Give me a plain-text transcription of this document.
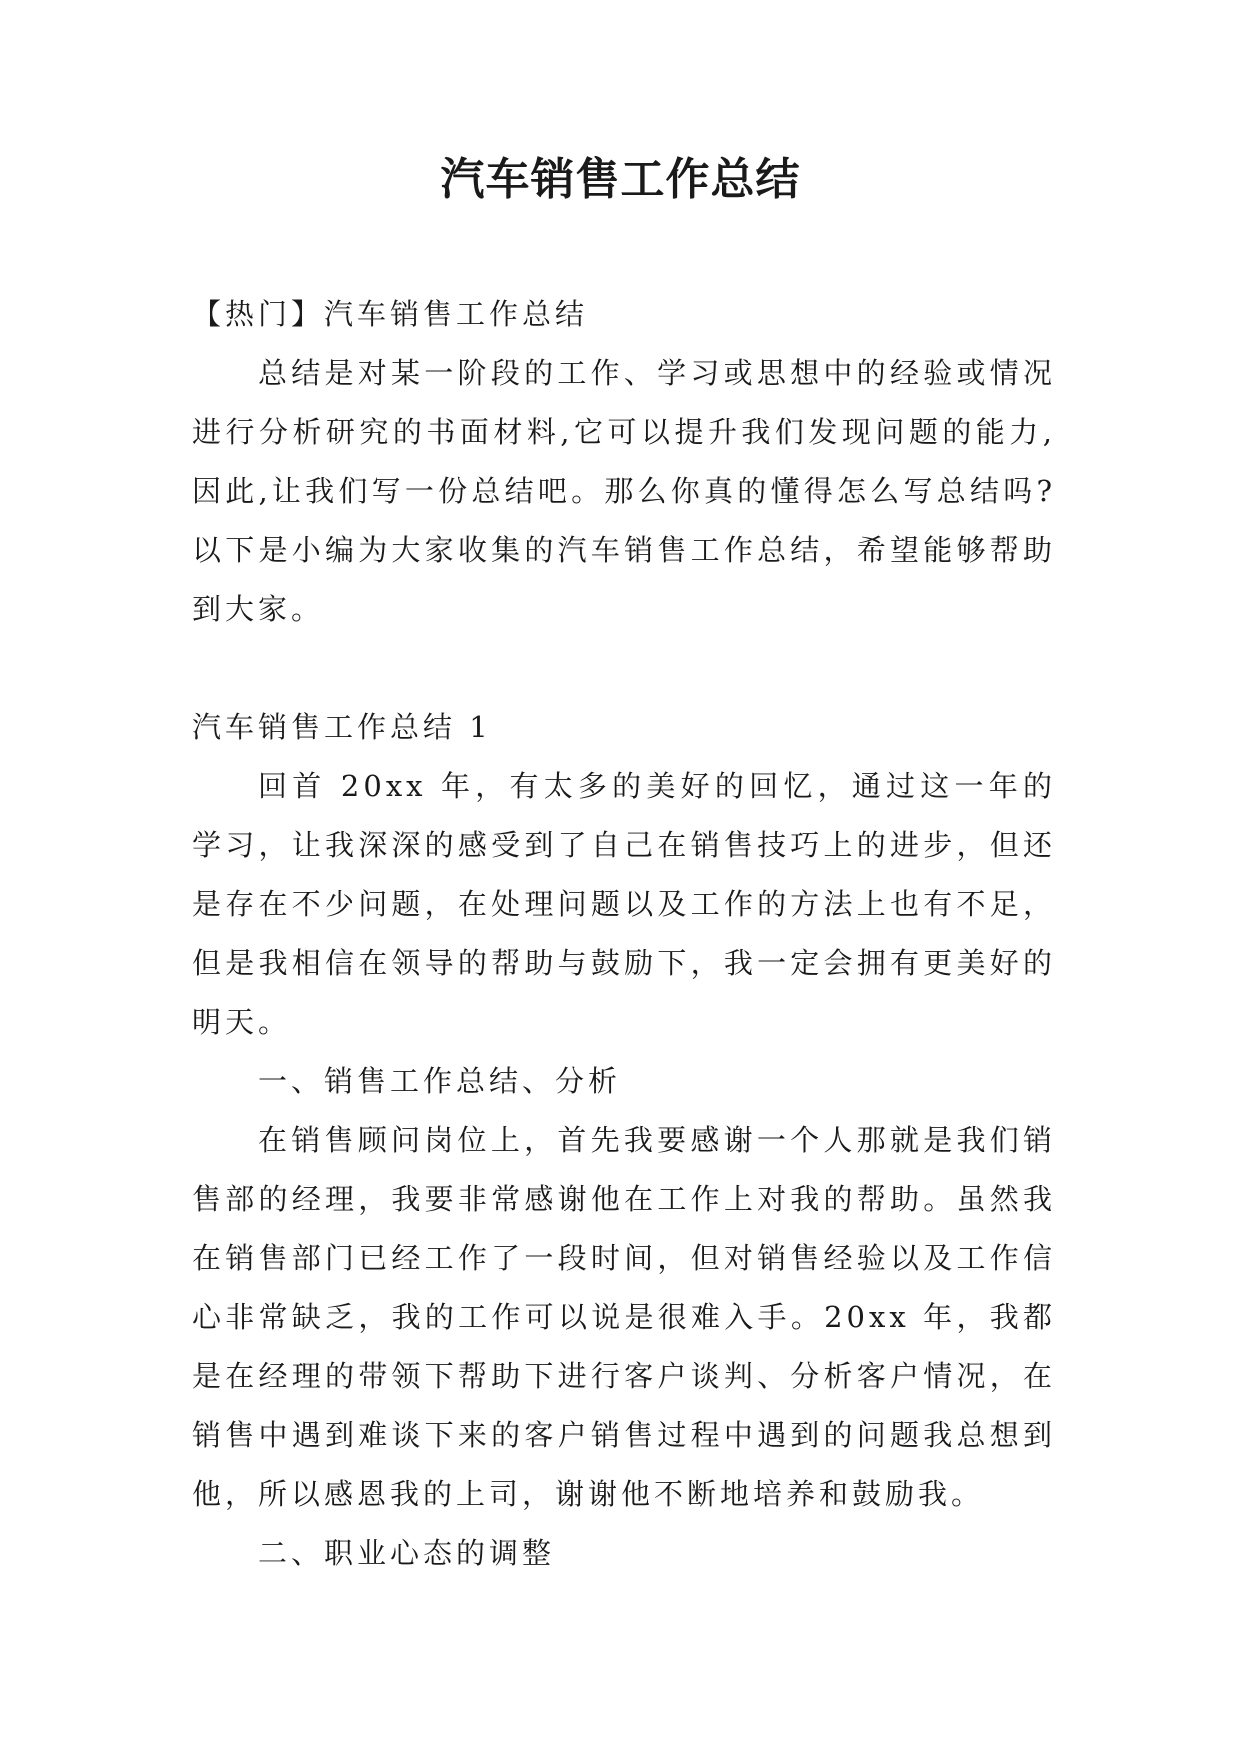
汽车销售工作总结

【热门】汽车销售工作总结

总结是对某一阶段的工作、学习或思想中的经验或情况进行分析研究的书面材料,它可以提升我们发现问题的能力,因此,让我们写一份总结吧。那么你真的懂得怎么写总结吗?以下是小编为大家收集的汽车销售工作总结，希望能够帮助到大家。

汽车销售工作总结 1

回首 20xx 年，有太多的美好的回忆，通过这一年的学习，让我深深的感受到了自己在销售技巧上的进步，但还是存在不少问题，在处理问题以及工作的方法上也有不足，但是我相信在领导的帮助与鼓励下，我一定会拥有更美好的明天。

一、销售工作总结、分析

在销售顾问岗位上，首先我要感谢一个人那就是我们销售部的经理，我要非常感谢他在工作上对我的帮助。虽然我在销售部门已经工作了一段时间，但对销售经验以及工作信心非常缺乏，我的工作可以说是很难入手。20xx 年，我都是在经理的带领下帮助下进行客户谈判、分析客户情况，在销售中遇到难谈下来的客户销售过程中遇到的问题我总想到他，所以感恩我的上司，谢谢他不断地培养和鼓励我。

二、职业心态的调整
